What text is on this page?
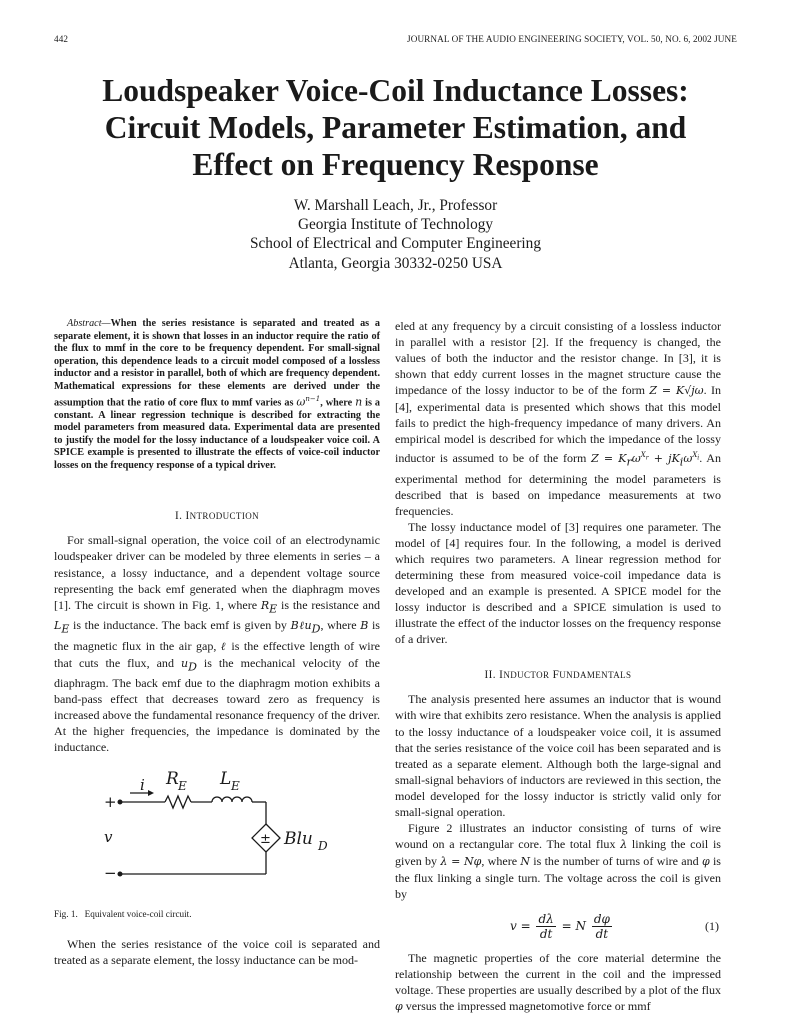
442	JOURNAL OF THE AUDIO ENGINEERING SOCIETY, VOL. 50, NO. 6, 2002 JUNE
Loudspeaker Voice-Coil Inductance Losses:
Circuit Models, Parameter Estimation, and
Effect on Frequency Response
W. Marshall Leach, Jr., Professor
Georgia Institute of Technology
School of Electrical and Computer Engineering
Atlanta, Georgia 30332-0250 USA
Abstract—When the series resistance is separated and treated as a separate element, it is shown that losses in an inductor require the ratio of the flux to mmf in the core to be frequency dependent. For small-signal operation, this dependence leads to a circuit model composed of a lossless inductor and a resistor in parallel, both of which are frequency dependent. Mathematical expressions for these elements are derived under the assumption that the ratio of core flux to mmf varies as $\omega^{n-1}$, where n is a constant. A linear regression technique is described for extracting the model parameters from measured data. Experimental data are presented to justify the model for the lossy inductance of a loudspeaker voice coil. A SPICE example is presented to illustrate the effects of voice-coil inductor losses on the frequency response of a typical driver.
I. INTRODUCTION

For small-signal operation, the voice coil of an electrodynamic loudspeaker driver can be modeled by three elements in series – a resistance, a lossy inductance, and a dependent voltage source representing the back emf generated when the diaphragm moves [1]. The circuit is shown in Fig. 1, where $R_E$ is the resistance and $L_E$ is the inductance. The back emf is given by Bℓu$_D$, where B is the magnetic flux in the air gap, ℓ is the effective length of wire that cuts the flux, and $u_D$ is the mechanical velocity of the diaphragm. The back emf due to the diaphragm motion exhibits a band-pass effect that decreases toward zero as frequency is increased above the fundamental resonance frequency of the driver. At the higher frequencies, the impedance is dominated by the inductance.

i R E L E
v	Blu D
+
−
±
Fig. 1.   Equivalent voice-coil circuit.

When the series resistance of the voice coil is separated and treated as a separate element, the lossy inductance can be mod-

eled at any frequency by a circuit consisting of a lossless inductor in parallel with a resistor [2]. If the frequency is changed, the values of both the inductor and the resistor change. In [3], it is shown that eddy current losses in the magnet structure cause the impedance of the lossy inductor to be of the form Z = K√jω. In [4], experimental data is presented which shows that this model fails to predict the high-frequency impedance of many drivers. An empirical model is described for which the impedance of the lossy inductor is assumed to be of the form $Z = K_r\omega^{X_r} + jK_i\omega^{X_i}$. An experimental method for determining the model parameters is described that is based on impedance measurements at two frequencies.

The lossy inductance model of [3] requires one parameter. The model of [4] requires four. In the following, a model is derived which requires two parameters. A linear regression method for determining these from measured voice-coil impedance data is developed and an example is presented. A SPICE model for the lossy inductor is described and a SPICE simulation is used to illustrate the effect of the inductor losses on the frequency response of a driver.

II. INDUCTOR FUNDAMENTALS

The analysis presented here assumes an inductor that is wound with wire that exhibits zero resistance. When the analysis is applied to the lossy inductance of a loudspeaker voice coil, it is assumed that the series resistance of the voice coil has been separated and is treated as a separate element. Although both the large-signal and small-signal behaviors of inductors are reviewed in this section, the model developed for the lossy inductor is strictly valid only for small-signal operation.

Figure 2 illustrates an inductor consisting of turns of wire wound on a rectangular core. The total flux λ linking the coil is given by λ = Nφ, where N is the number of turns of wire and φ is the flux linking a single turn. The voltage across the coil is given by

$v = \frac{d\lambda}{dt} = N \frac{d\varphi}{dt}$	(1)

The magnetic properties of the core material determine the relationship between the current in the coil and the impressed voltage. These properties are usually described by a plot of the flux φ versus the impressed magnetomotive force or mmf
